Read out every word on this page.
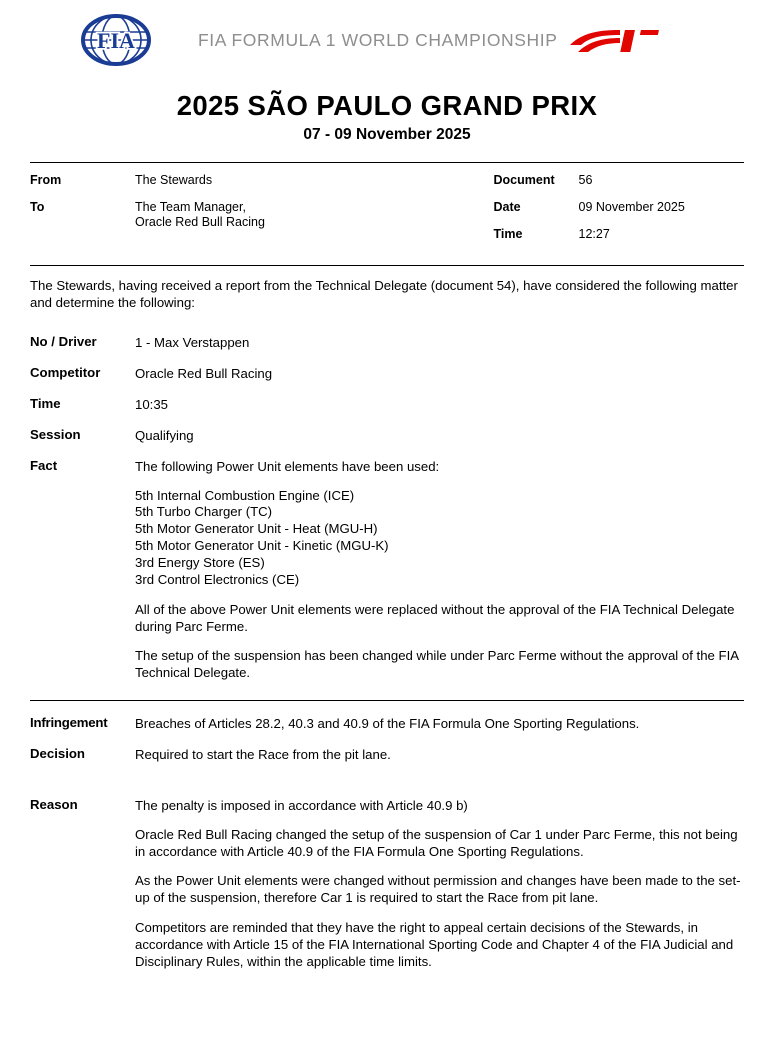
FIA	FIA FORMULA 1 WORLD CHAMPIONSHIP
2025 SÃO PAULO GRAND PRIX
07 - 09 November 2025
From	The Stewards
To	The Team Manager,
Oracle Red Bull Racing
Document	56
Date	09 November 2025
Time	12:27
The Stewards, having received a report from the Technical Delegate (document 54), have considered the following matter and determine the following:
No / Driver	1 - Max Verstappen
Competitor	Oracle Red Bull Racing
Time	10:35
Session	Qualifying
Fact	The following Power Unit elements have been used:
5th Internal Combustion Engine (ICE)
5th Turbo Charger (TC)
5th Motor Generator Unit - Heat (MGU-H)
5th Motor Generator Unit - Kinetic (MGU-K)
3rd Energy Store (ES)
3rd Control Electronics (CE)
All of the above Power Unit elements were replaced without the approval of the FIA Technical Delegate during Parc Ferme.
The setup of the suspension has been changed while under Parc Ferme without the approval of the FIA Technical Delegate.
Infringement	Breaches of Articles 28.2, 40.3 and 40.9 of the FIA Formula One Sporting Regulations.
Decision	Required to start the Race from the pit lane.
Reason	The penalty is imposed in accordance with Article 40.9 b)
Oracle Red Bull Racing changed the setup of the suspension of Car 1 under Parc Ferme, this not being in accordance with Article 40.9 of the FIA Formula One Sporting Regulations.
As the Power Unit elements were changed without permission and changes have been made to the set-up of the suspension, therefore Car 1 is required to start the Race from pit lane.
Competitors are reminded that they have the right to appeal certain decisions of the Stewards, in accordance with Article 15 of the FIA International Sporting Code and Chapter 4 of the FIA Judicial and Disciplinary Rules, within the applicable time limits.
